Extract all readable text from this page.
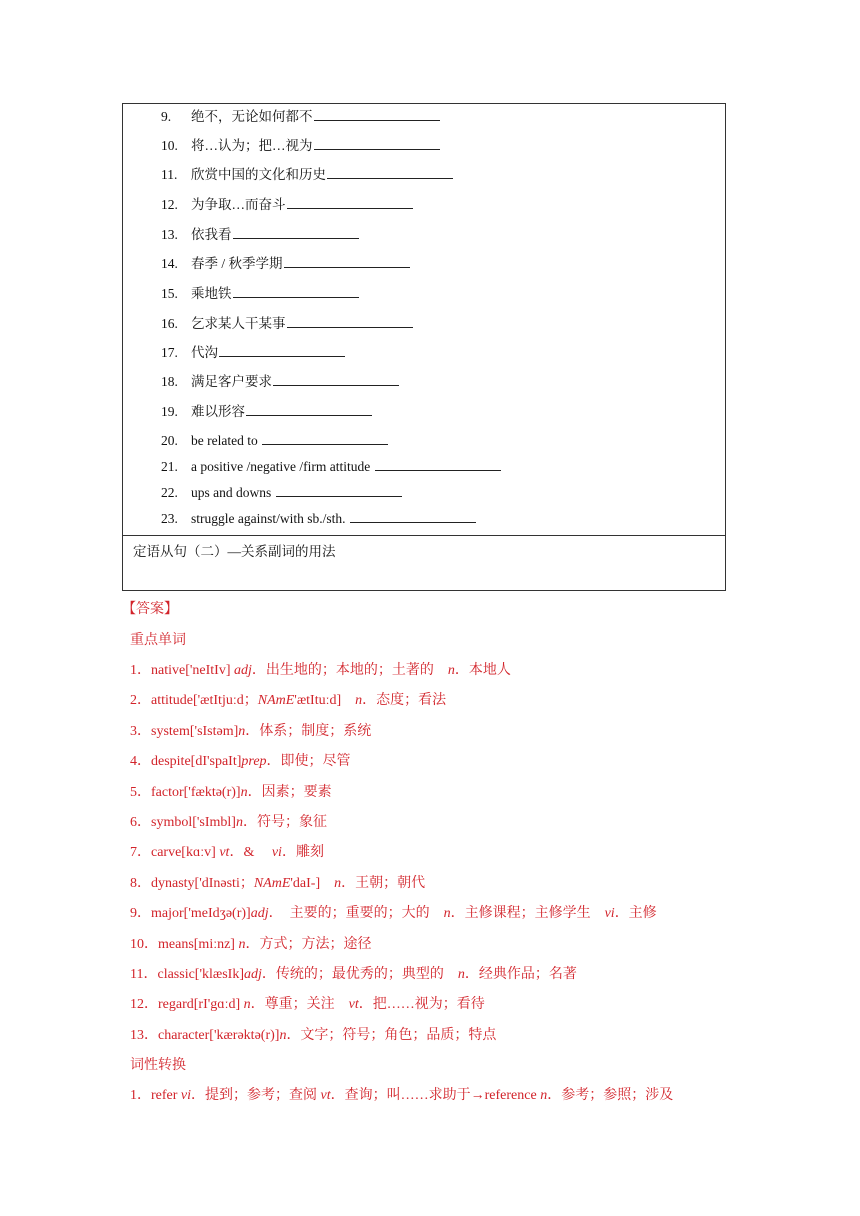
9. 绝不，无论如何都不
10. 将…认为；把…视为
11. 欣赏中国的文化和历史
12. 为争取…而奋斗
13. 依我看
14. 春季 / 秋季学期
15. 乘地铁
16. 乞求某人干某事
17. 代沟
18. 满足客户要求
19. 难以形容
20. be related to
21. a positive /negative /firm attitude
22. ups and downs
23. struggle against/with sb./sth.
定语从句（二）—关系副词的用法
【答案】
重点单词
1．native['neItIv] adj．出生地的；本地的；土著的 n．本地人
2．attitude['ætItjuːd；NAmE'ætItuːd] n．态度；看法
3．system['sIstəm]n．体系；制度；系统
4．despite[dI'spaIt]prep．即使；尽管
5．factor['fæktə(r)]n．因素；要素
6．symbol['sImbl]n．符号；象征
7．carve[kɑːv] vt．& vi．雕刻
8．dynasty['dInəsti；NAmE'daI-] n．王朝；朝代
9．major['meIdʒə(r)]adj．　主要的；重要的；大的 n．主修课程；主修学生 vi．主修
10．means[miːnz] n．方式；方法；途径
11．classic['klæsIk]adj．传统的；最优秀的；典型的 n．经典作品；名著
12．regard[rI'gɑːd] n．尊重；关注 vt．把……视为；看待
13．character['kærəktə(r)]n．文字；符号；角色；品质；特点
词性转换
1．refer vi．提到；参考；查阅 vt．查询；叫……求助于→reference n．参考；参照；涉及
